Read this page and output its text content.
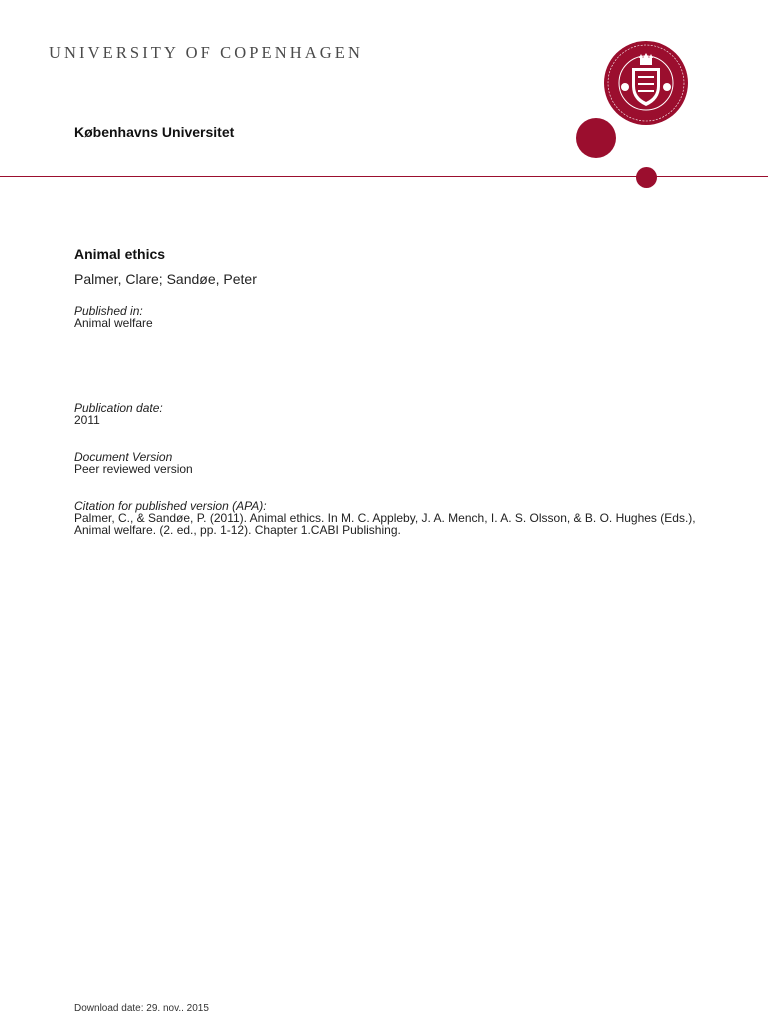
UNIVERSITY OF COPENHAGEN
Københavns Universitet
Animal ethics
Palmer, Clare; Sandøe, Peter
Published in:
Animal welfare
Publication date:
2011
Document Version
Peer reviewed version
Citation for published version (APA):
Palmer, C., & Sandøe, P. (2011). Animal ethics. In M. C. Appleby, J. A. Mench, I. A. S. Olsson, & B. O. Hughes (Eds.), Animal welfare. (2. ed., pp. 1-12). Chapter 1.CABI Publishing.
Download date: 29. nov.. 2015
